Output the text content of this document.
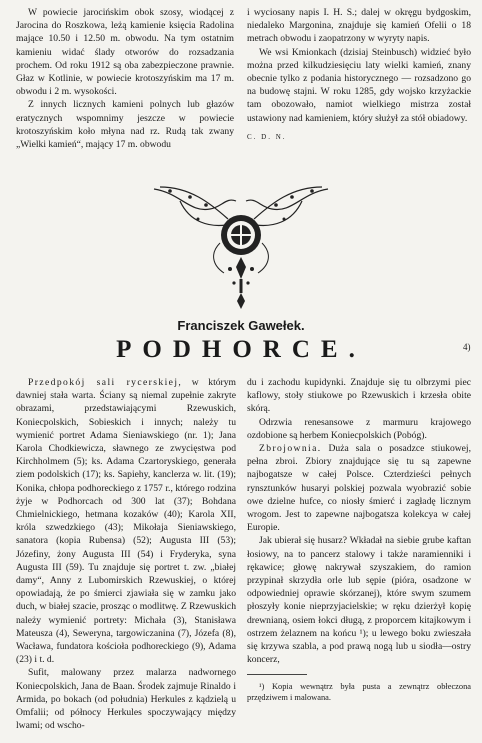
W powiecie jarocińskim obok szosy, wiodącej z Jarocina do Roszkowa, leżą kamienie księcia Radolina mające 10.50 i 12.50 m. obwodu. Na tym ostatnim kamieniu widać ślady otworów do rozsadzania prochem. Od roku 1912 są oba zabezpieczone prawnie. Głaz w Kotlinie, w powiecie krotoszyńskim ma 17 m. obwodu i 2 m. wysokości.

Z innych licznych kamieni polnych lub głazów eratycznych wspomnimy jeszcze w powiecie krotoszyńskim koło młyna nad rz. Rudą tak zwany „Wielki kamień“, mający 17 m. obwodu

i wyciosany napis I. H. S.; dalej w okręgu bydgoskim, niedaleko Margonina, znajduje się kamień Ofelii o 18 metrach obwodu i zaopatrzony w wyryty napis.

We wsi Kmionkach (dzisiaj Steinbusch) widzieć było można przed kilkudziesięciu laty wielki kamień, znany obecnie tylko z podania historycznego — rozsadzono go na budowę stajni. W roku 1285, gdy wojsko krzyżackie tam obozowało, namiot wielkiego mistrza został ustawiony nad kamieniem, który służył za stół obiadowy.

C. D. N.

Franciszek Gawełek.
PODHORCE.	4)

Przedpokój sali rycerskiej, w którym dawniej stała warta. Ściany są niemal zupełnie zakryte obrazami, przedstawiającymi Rzewuskich, Koniecpolskich, Sobieskich i innych; należy tu wymienić portret Adama Sieniawskiego (nr. 1); Jana Karola Chodkiewicza, sławnego ze zwycięstwa pod Kirchholmem (5); ks. Adama Czartoryskiego, generała ziem podolskich (17); ks. Sapiehy, kanclerza w. lit. (19); Konika, chłopa podhoreckiego z 1757 r., którego rodzina żyje w Podhorcach od 300 lat (37); Bohdana Chmielnickiego, hetmana kozaków (40); Karola XII, króla szwedzkiego (43); Mikołaja Sieniawskiego, sanatora (kopia Rubensa) (52); Augusta III (53); Józefiny, żony Augusta III (54) i Fryderyka, syna Augusta III (59). Tu znajduje się portret t. zw. „białej damy“, Anny z Lubomirskich Rzewuskiej, o której opowiadają, że po śmierci zjawiała się w zamku jako duch, w białej szacie, prosząc o modlitwę. Z Rzewuskich należy wymienić portrety: Michała (3), Stanisława Mateusza (4), Seweryna, targowiczanina (7), Józefa (8), Wacława, fundatora kościoła podhoreckiego (9), Adama (23) i t. d.

Sufit, malowany przez malarza nadwornego Koniecpolskich, Jana de Baan. Środek zajmuje Rinaldo i Armida, po bokach (od południa) Herkules z kądzielą u Omfalii; od północy Herkules spoczywający między lwami; od wscho-

du i zachodu kupidynki. Znajduje się tu olbrzymi piec kaflowy, stoły stiukowe po Rzewuskich i krzesła obite skórą.

Odrzwia renesansowe z marmuru krajowego ozdobione są herbem Koniecpolskich (Pobóg).

Zbrojownia. Duża sala o posadzce stiukowej, pełna zbroi. Zbiory znajdujące się tu są zapewne najbogatsze w całej Polsce. Czterdzieści pełnych rynsztunków husaryi polskiej pozwala wyobrazić sobie owe dzielne hufce, co niosły śmierć i zagładę licznym wrogom. Jest to zapewne najbogatsza kolekcya w całej Europie.

Jak ubierał się husarz? Wkładał na siebie grube kaftan łosiowy, na to pancerz stalowy i także naramienniki i rękawice; głowę nakrywał szyszakiem, do ramion przypinał skrzydła orle lub sępie (pióra, osadzone w odpowiedniej oprawie skórzanej), które swym szumem płoszyły konie nieprzyjacielskie; w ręku dzierżył kopię drewnianą, osiem łokci długą, z proporcem kitajkowym i ostrzem żelaznem na końcu ¹); u lewego boku zwieszała się krzywa szabla, a pod prawą nogą lub u siodła—ostry koncerz,

¹) Kopia wewnątrz była pusta a zewnątrz obłeczona przędziwem i malowana.
